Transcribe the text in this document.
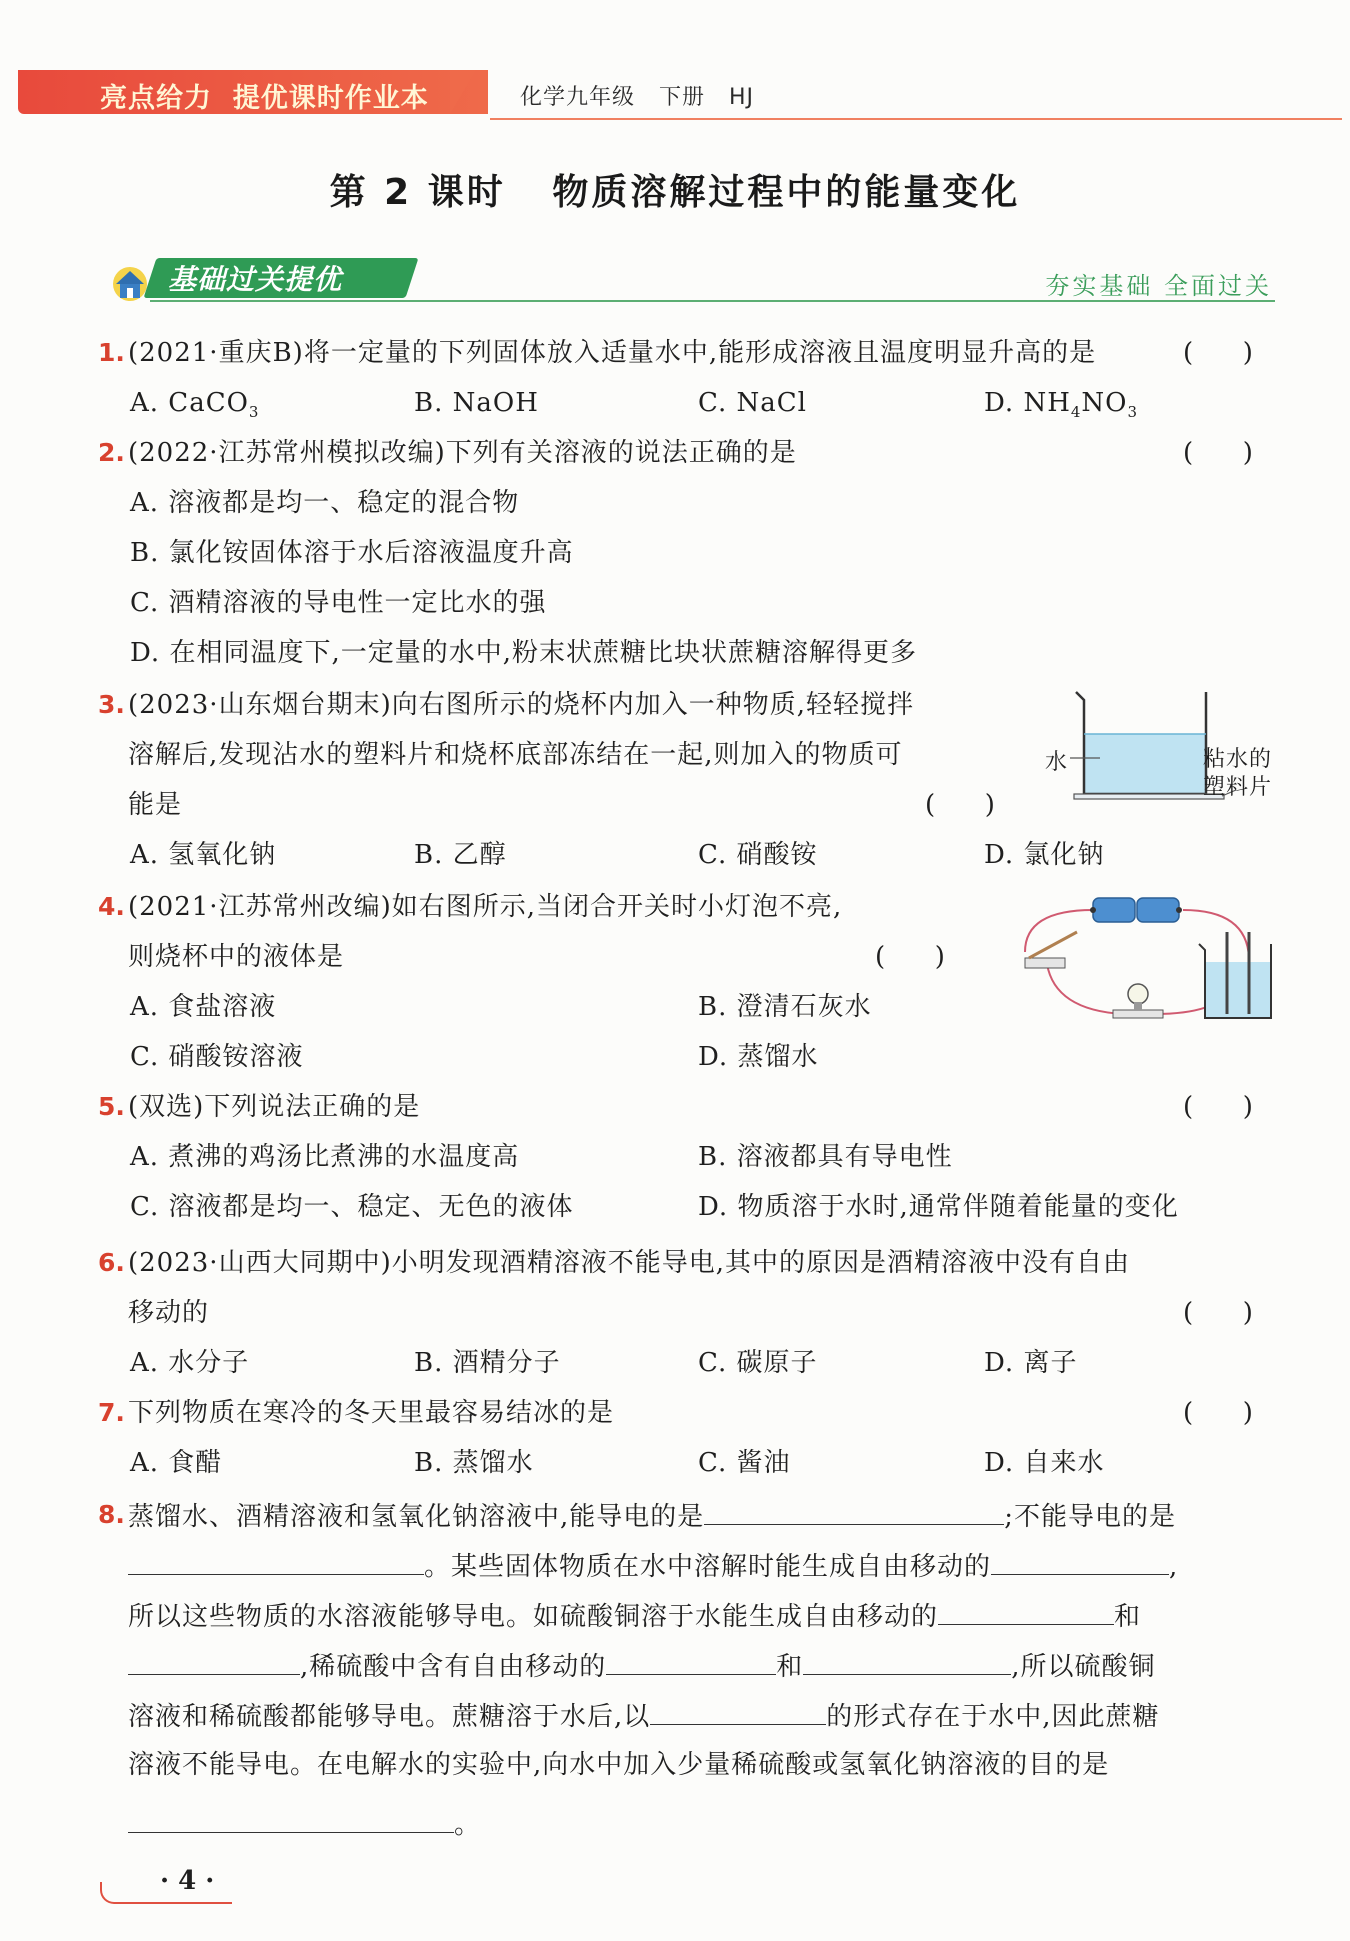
亮点给力  提优课时作业本	化学九年级   下册   HJ
第 2 课时   物质溶解过程中的能量变化
基础过关提优	夯实基础 全面过关
1. (2021·重庆B)将一定量的下列固体放入适量水中,能形成溶液且温度明显升高的是	(      )
A. CaCO$_3$	B. NaOH	C. NaCl	D. $NH_4NO_3$
2. (2022·江苏常州模拟改编)下列有关溶液的说法正确的是	(      )
A. 溶液都是均一、稳定的混合物
B. 氯化铵固体溶于水后溶液温度升高
C. 酒精溶液的导电性一定比水的强
D. 在相同温度下,一定量的水中,粉末状蔗糖比块状蔗糖溶解得更多
3. (2023·山东烟台期末)向右图所示的烧杯内加入一种物质,轻轻搅拌
溶解后,发现沾水的塑料片和烧杯底部冻结在一起,则加入的物质可
能是	(      )
A. 氢氧化钠	B. 乙醇	C. 硝酸铵	D. 氯化钠
水	粘水的
塑料片
4. (2021·江苏常州改编)如右图所示,当闭合开关时小灯泡不亮,
则烧杯中的液体是	(      )
A. 食盐溶液	B. 澄清石灰水
C. 硝酸铵溶液	D. 蒸馏水
5. (双选)下列说法正确的是	(      )
A. 煮沸的鸡汤比煮沸的水温度高	B. 溶液都具有导电性
C. 溶液都是均一、稳定、无色的液体	D. 物质溶于水时,通常伴随着能量的变化
6. (2023·山西大同期中)小明发现酒精溶液不能导电,其中的原因是酒精溶液中没有自由
移动的	(      )
A. 水分子	B. 酒精分子	C. 碳原子	D. 离子
7. 下列物质在寒冷的冬天里最容易结冰的是	(      )
A. 食醋	B. 蒸馏水	C. 酱油	D. 自来水
8. 蒸馏水、酒精溶液和氢氧化钠溶液中,能导电的是	;不能导电的是
。某些固体物质在水中溶解时能生成自由移动的	,
所以这些物质的水溶液能够导电。如硫酸铜溶于水能生成自由移动的	和
,稀硫酸中含有自由移动的	和	,所以硫酸铜
溶液和稀硫酸都能够导电。蔗糖溶于水后,以	的形式存在于水中,因此蔗糖
溶液不能导电。在电解水的实验中,向水中加入少量稀硫酸或氢氧化钠溶液的目的是
。
· 4 ·
